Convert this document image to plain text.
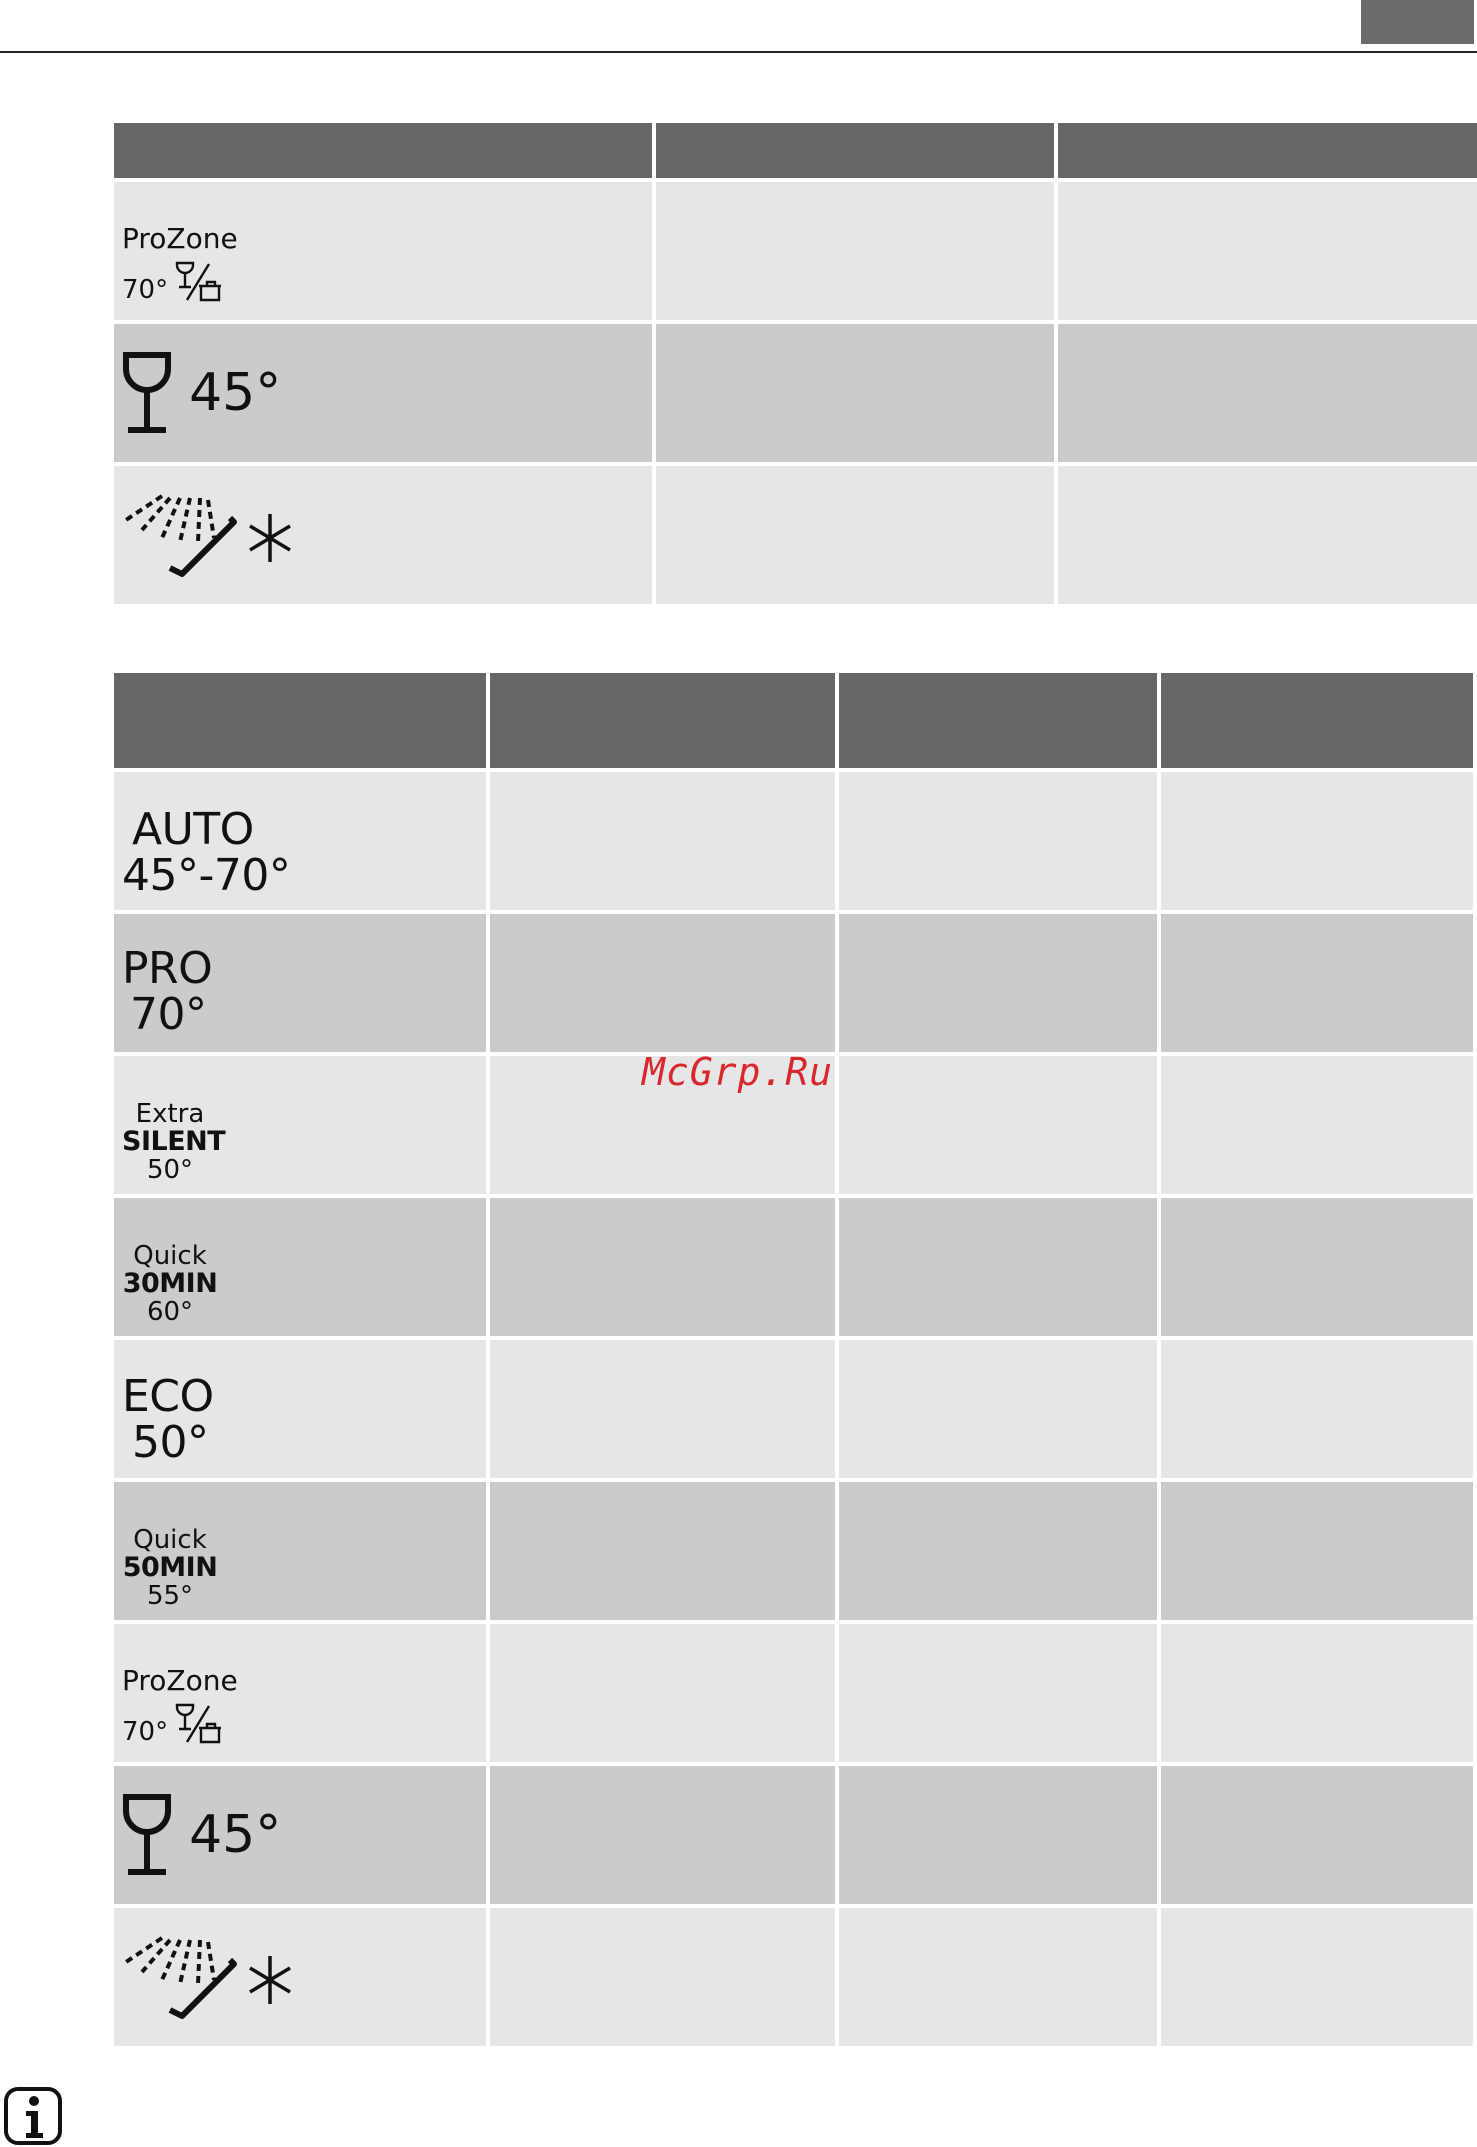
ProZone
70°		

45°		

AUTO
45°-70°			

PRO
70°			

Extra
SILENT
50°			

Quick
30MIN
60°			

ECO
50°			

Quick
50MIN
55°			

ProZone
70°			

45°			

McGrp.Ru
